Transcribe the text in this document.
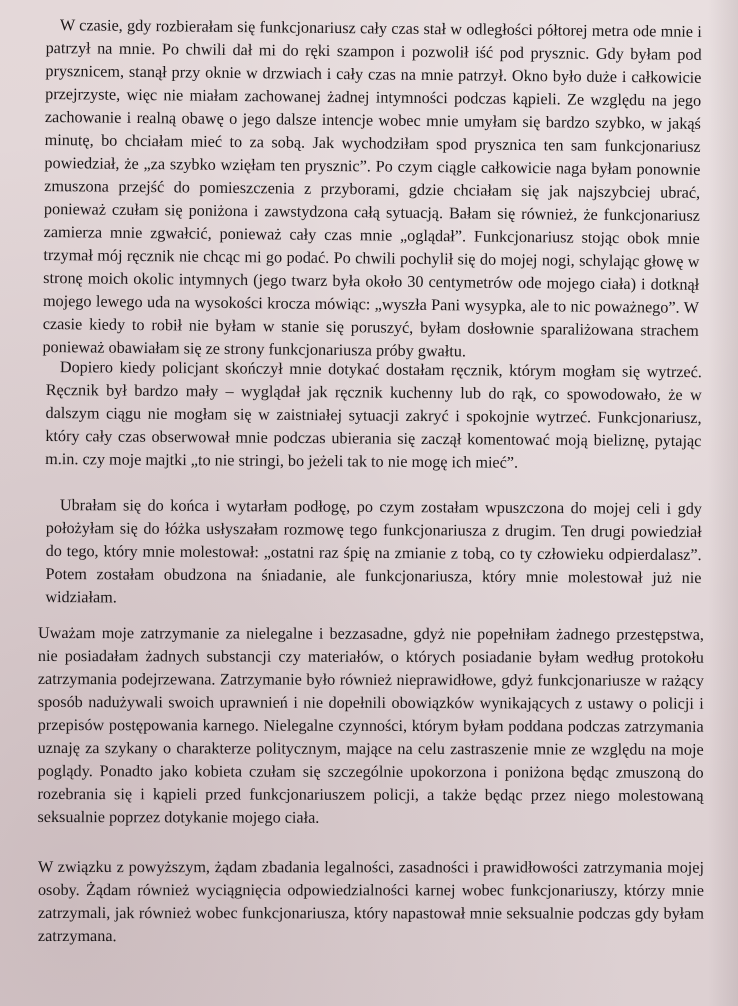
W czasie, gdy rozbierałam się funkcjonariusz cały czas stał w odległości półtorej metra ode mnie i patrzył na mnie. Po chwili dał mi do ręki szampon i pozwolił iść pod prysznic. Gdy byłam pod prysznicem, stanął przy oknie w drzwiach i cały czas na mnie patrzył. Okno było duże i całkowicie przejrzyste, więc nie miałam zachowanej żadnej intymności podczas kąpieli. Ze względu na jego zachowanie i realną obawę o jego dalsze intencje wobec mnie umyłam się bardzo szybko, w jakąś minutę, bo chciałam mieć to za sobą. Jak wychodziłam spod prysznica ten sam funkcjonariusz powiedział, że „za szybko wzięłam ten prysznic”. Po czym ciągle całkowicie naga byłam ponownie zmuszona przejść do pomieszczenia z przyborami, gdzie chciałam się jak najszybciej ubrać, ponieważ czułam się poniżona i zawstydzona całą sytuacją. Bałam się również, że funkcjonariusz zamierza mnie zgwałcić, ponieważ cały czas mnie „oglądał”. Funkcjonariusz stojąc obok mnie trzymał mój ręcznik nie chcąc mi go podać. Po chwili pochylił się do mojej nogi, schylając głowę w stronę moich okolic intymnych (jego twarz była około 30 centymetrów ode mojego ciała) i dotknął mojego lewego uda na wysokości krocza mówiąc: „wyszła Pani wysypka, ale to nic poważnego”. W czasie kiedy to robił nie byłam w stanie się poruszyć, byłam dosłownie sparaliżowana strachem ponieważ obawiałam się ze strony funkcjonariusza próby gwałtu.

Dopiero kiedy policjant skończył mnie dotykać dostałam ręcznik, którym mogłam się wytrzeć. Ręcznik był bardzo mały – wyglądał jak ręcznik kuchenny lub do rąk, co spowodowało, że w dalszym ciągu nie mogłam się w zaistniałej sytuacji zakryć i spokojnie wytrzeć. Funkcjonariusz, który cały czas obserwował mnie podczas ubierania się zaczął komentować moją bieliznę, pytając m.in. czy moje majtki „to nie stringi, bo jeżeli tak to nie mogę ich mieć”.

Ubrałam się do końca i wytarłam podłogę, po czym zostałam wpuszczona do mojej celi i gdy położyłam się do łóżka usłyszałam rozmowę tego funkcjonariusza z drugim. Ten drugi powiedział do tego, który mnie molestował: „ostatni raz śpię na zmianie z tobą, co ty człowieku odpierdalasz”. Potem zostałam obudzona na śniadanie, ale funkcjonariusza, który mnie molestował już nie widziałam.

Uważam moje zatrzymanie za nielegalne i bezzasadne, gdyż nie popełniłam żadnego przestępstwa, nie posiadałam żadnych substancji czy materiałów, o których posiadanie byłam według protokołu zatrzymania podejrzewana. Zatrzymanie było również nieprawidłowe, gdyż funkcjonariusze w rażący sposób nadużywali swoich uprawnień i nie dopełnili obowiązków wynikających z ustawy o policji i przepisów postępowania karnego. Nielegalne czynności, którym byłam poddana podczas zatrzymania uznaję za szykany o charakterze politycznym, mające na celu zastraszenie mnie ze względu na moje poglądy. Ponadto jako kobieta czułam się szczególnie upokorzona i poniżona będąc zmuszoną do rozebrania się i kąpieli przed funkcjonariuszem policji, a także będąc przez niego molestowaną seksualnie poprzez dotykanie mojego ciała.

W związku z powyższym, żądam zbadania legalności, zasadności i prawidłowości zatrzymania mojej osoby. Żądam również wyciągnięcia odpowiedzialności karnej wobec funkcjonariuszy, którzy mnie zatrzymali, jak również wobec funkcjonariusza, który napastował mnie seksualnie podczas gdy byłam zatrzymana.
